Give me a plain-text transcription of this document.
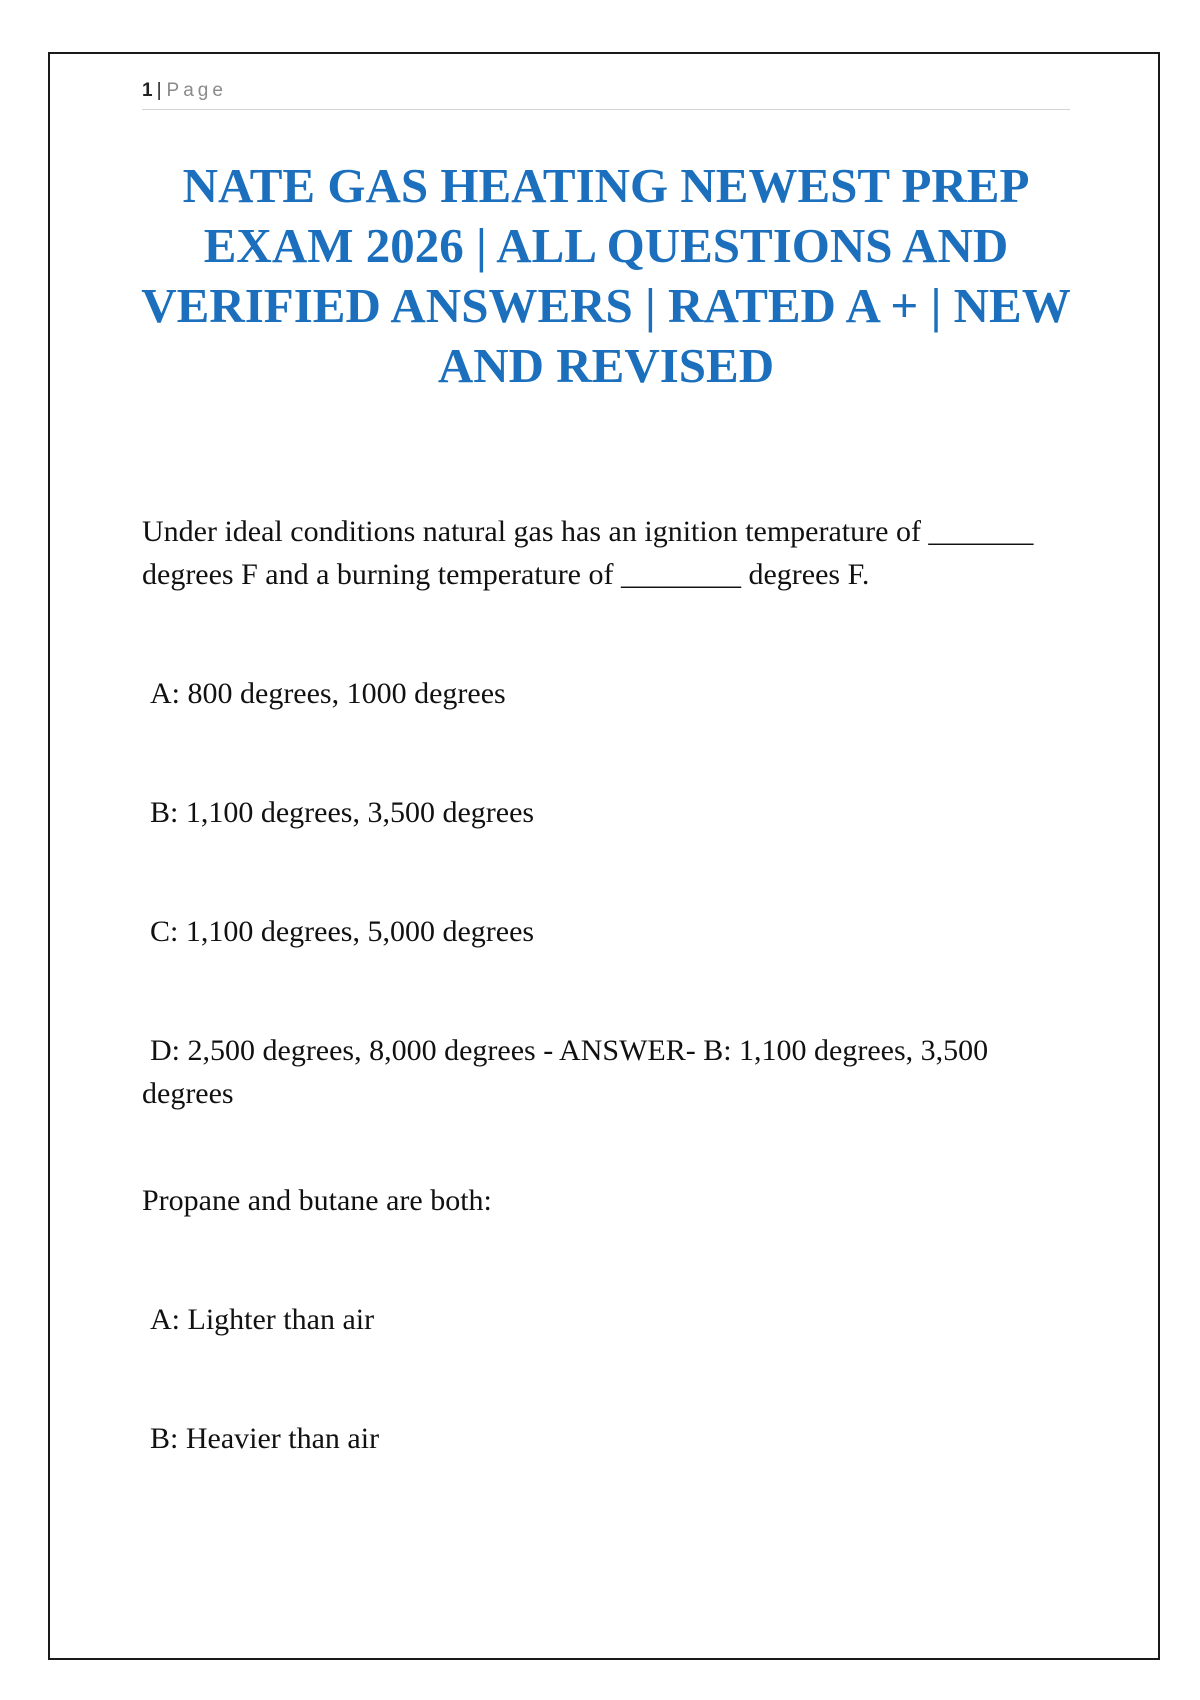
1 | Page
NATE GAS HEATING NEWEST PREP EXAM 2026 | ALL QUESTIONS AND VERIFIED ANSWERS | RATED A + | NEW AND REVISED

Under ideal conditions natural gas has an ignition temperature of _______ degrees F and a burning temperature of ________ degrees F.

A: 800 degrees, 1000 degrees

B: 1,100 degrees, 3,500 degrees

C: 1,100 degrees, 5,000 degrees

D: 2,500 degrees, 8,000 degrees - ANSWER- B: 1,100 degrees, 3,500 degrees

Propane and butane are both:

A: Lighter than air

B: Heavier than air
